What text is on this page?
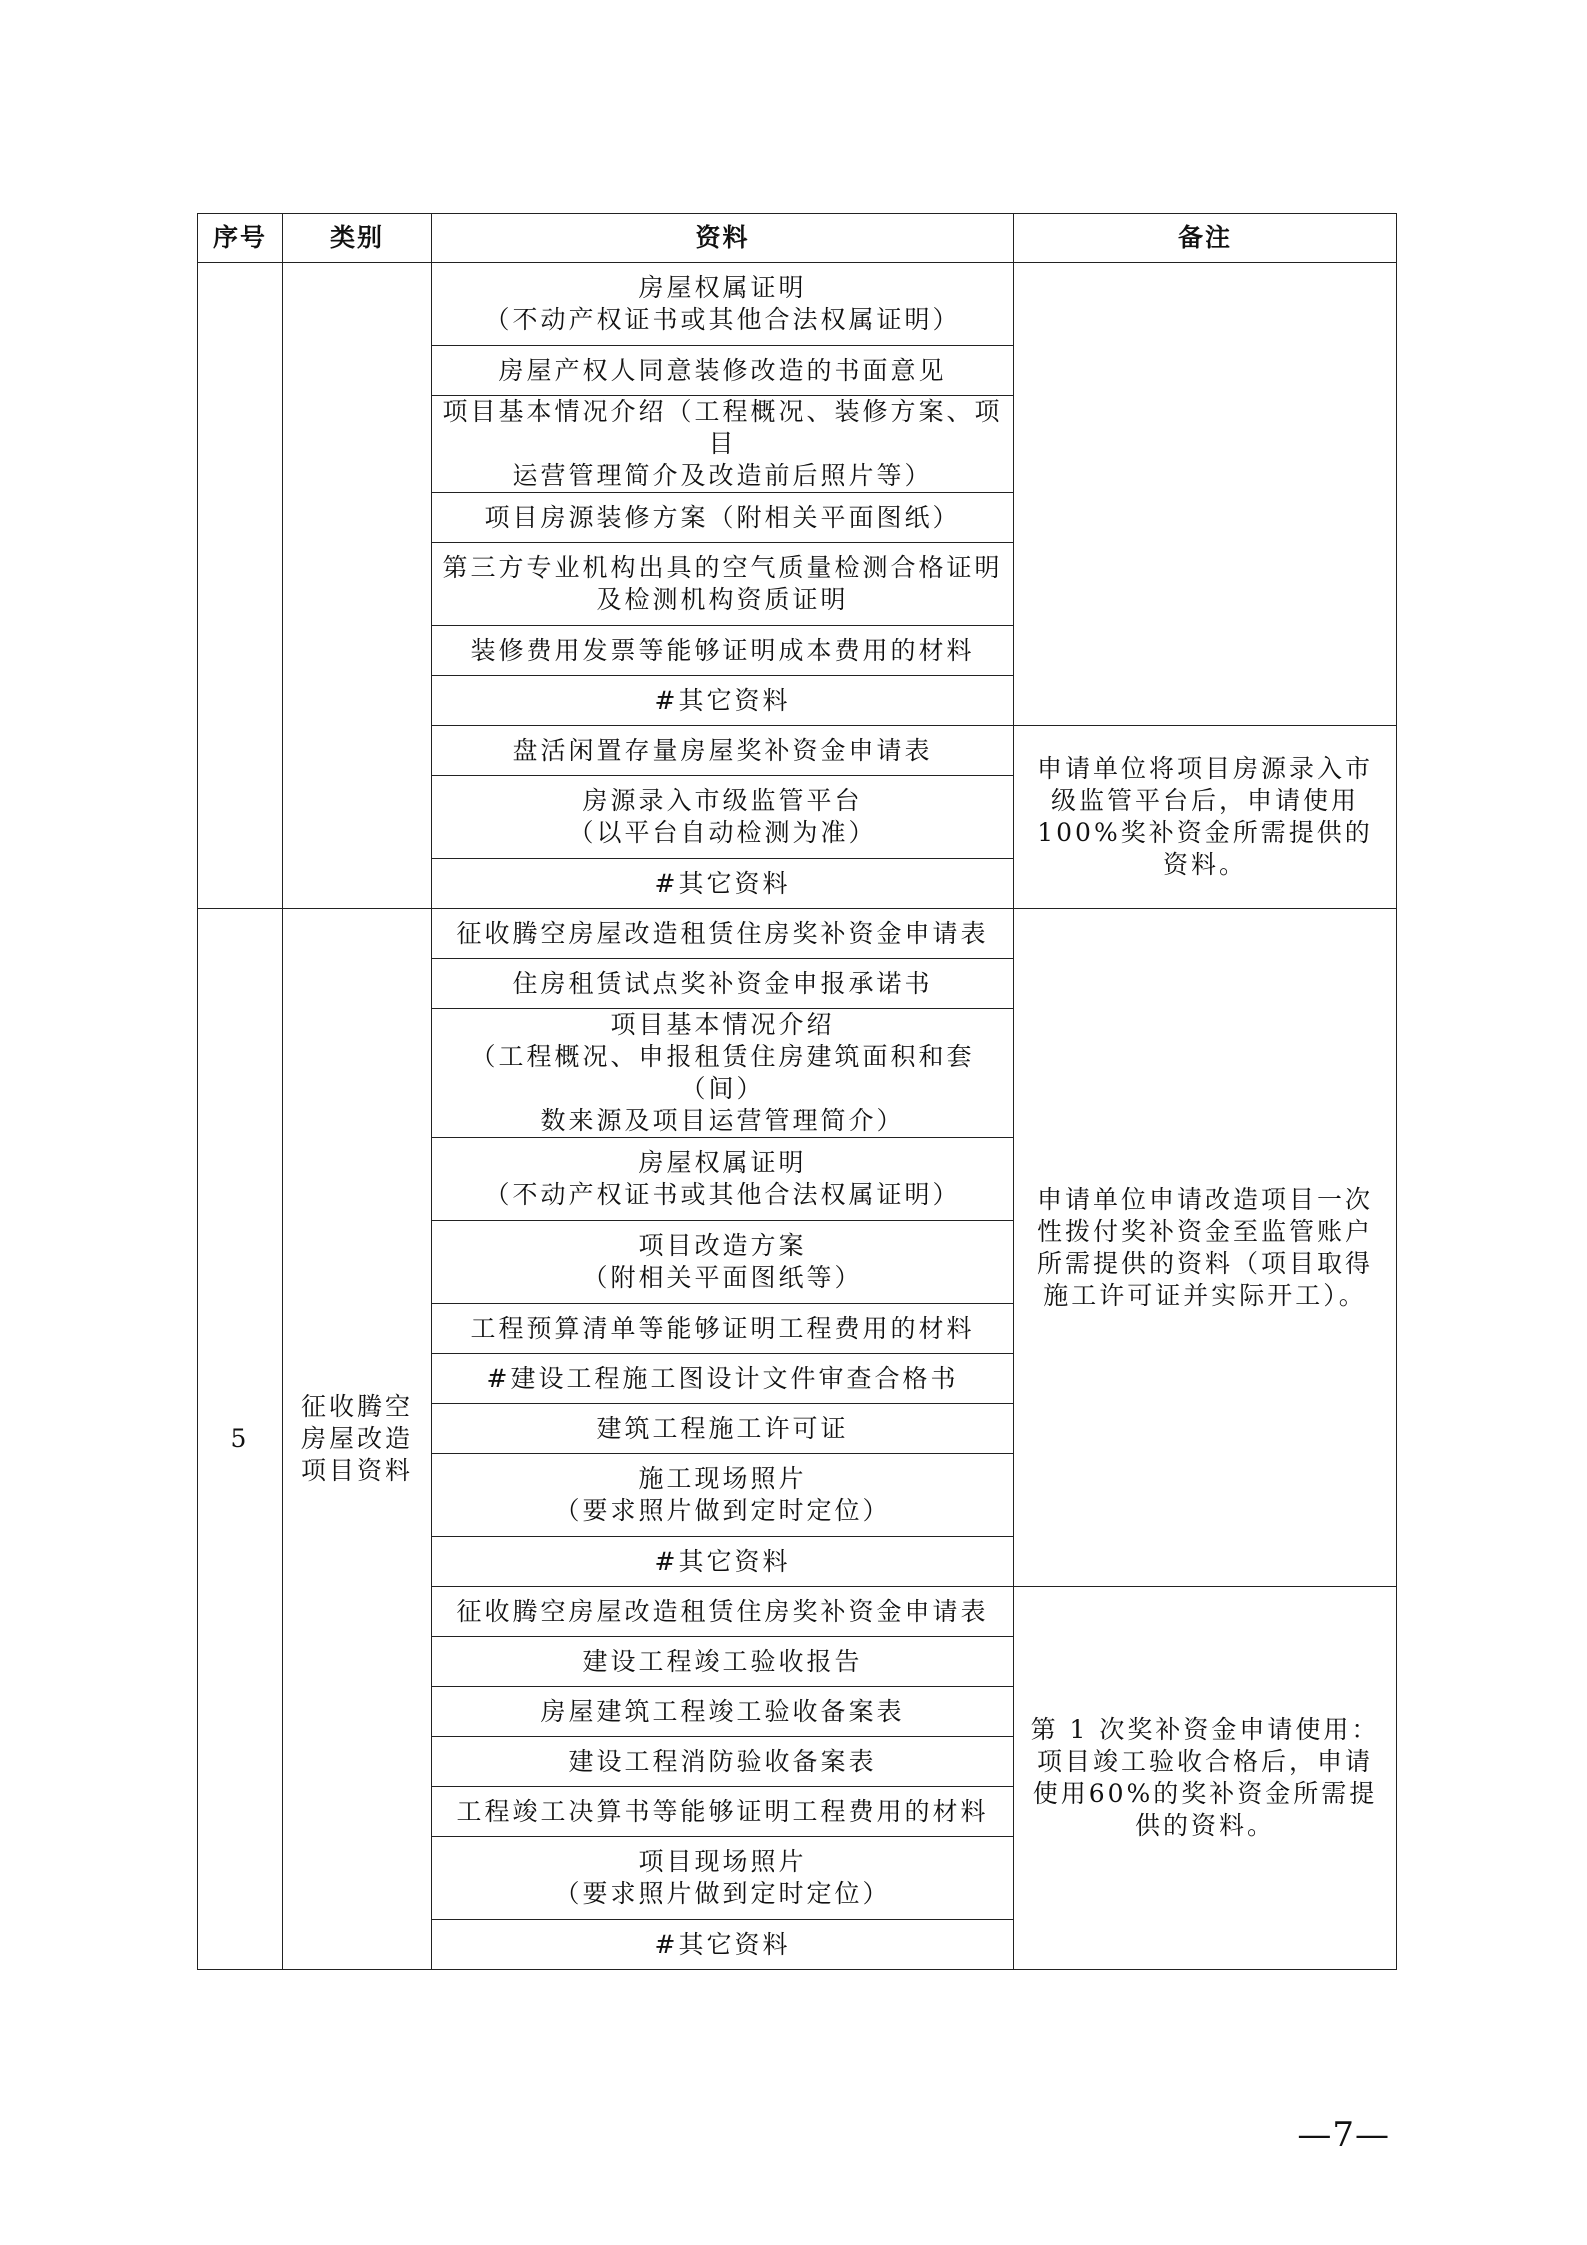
序号	类别	资料	备注

		房屋权属证明
（不动产权证书或其他合法权属证明）	

		房屋产权人同意装修改造的书面意见	

		项目基本情况介绍（工程概况、装修方案、项目
运营管理简介及改造前后照片等）	

		项目房源装修方案（附相关平面图纸）	

		第三方专业机构出具的空气质量检测合格证明
及检测机构资质证明	

		装修费用发票等能够证明成本费用的材料	

		#其它资料	

		盘活闲置存量房屋奖补资金申请表	申请单位将项目房源录入市级监管平台后，申请使用100%奖补资金所需提供的资料。

		房源录入市级监管平台
（以平台自动检测为准）	

		#其它资料	

5	征收腾空房屋改造项目资料	征收腾空房屋改造租赁住房奖补资金申请表	申请单位申请改造项目一次性拨付奖补资金至监管账户所需提供的资料（项目取得施工许可证并实际开工）。

		住房租赁试点奖补资金申报承诺书	

		项目基本情况介绍
（工程概况、申报租赁住房建筑面积和套（间）
数来源及项目运营管理简介）	

		房屋权属证明
（不动产权证书或其他合法权属证明）	

		项目改造方案
（附相关平面图纸等）	

		工程预算清单等能够证明工程费用的材料	

		#建设工程施工图设计文件审查合格书	

		建筑工程施工许可证	

		施工现场照片
（要求照片做到定时定位）	

		#其它资料	

		征收腾空房屋改造租赁住房奖补资金申请表	第 1 次奖补资金申请使用：项目竣工验收合格后，申请使用60%的奖补资金所需提供的资料。

		建设工程竣工验收报告	

		房屋建筑工程竣工验收备案表	

		建设工程消防验收备案表	

		工程竣工决算书等能够证明工程费用的材料	

		项目现场照片
（要求照片做到定时定位）	

		#其它资料	
—7—
